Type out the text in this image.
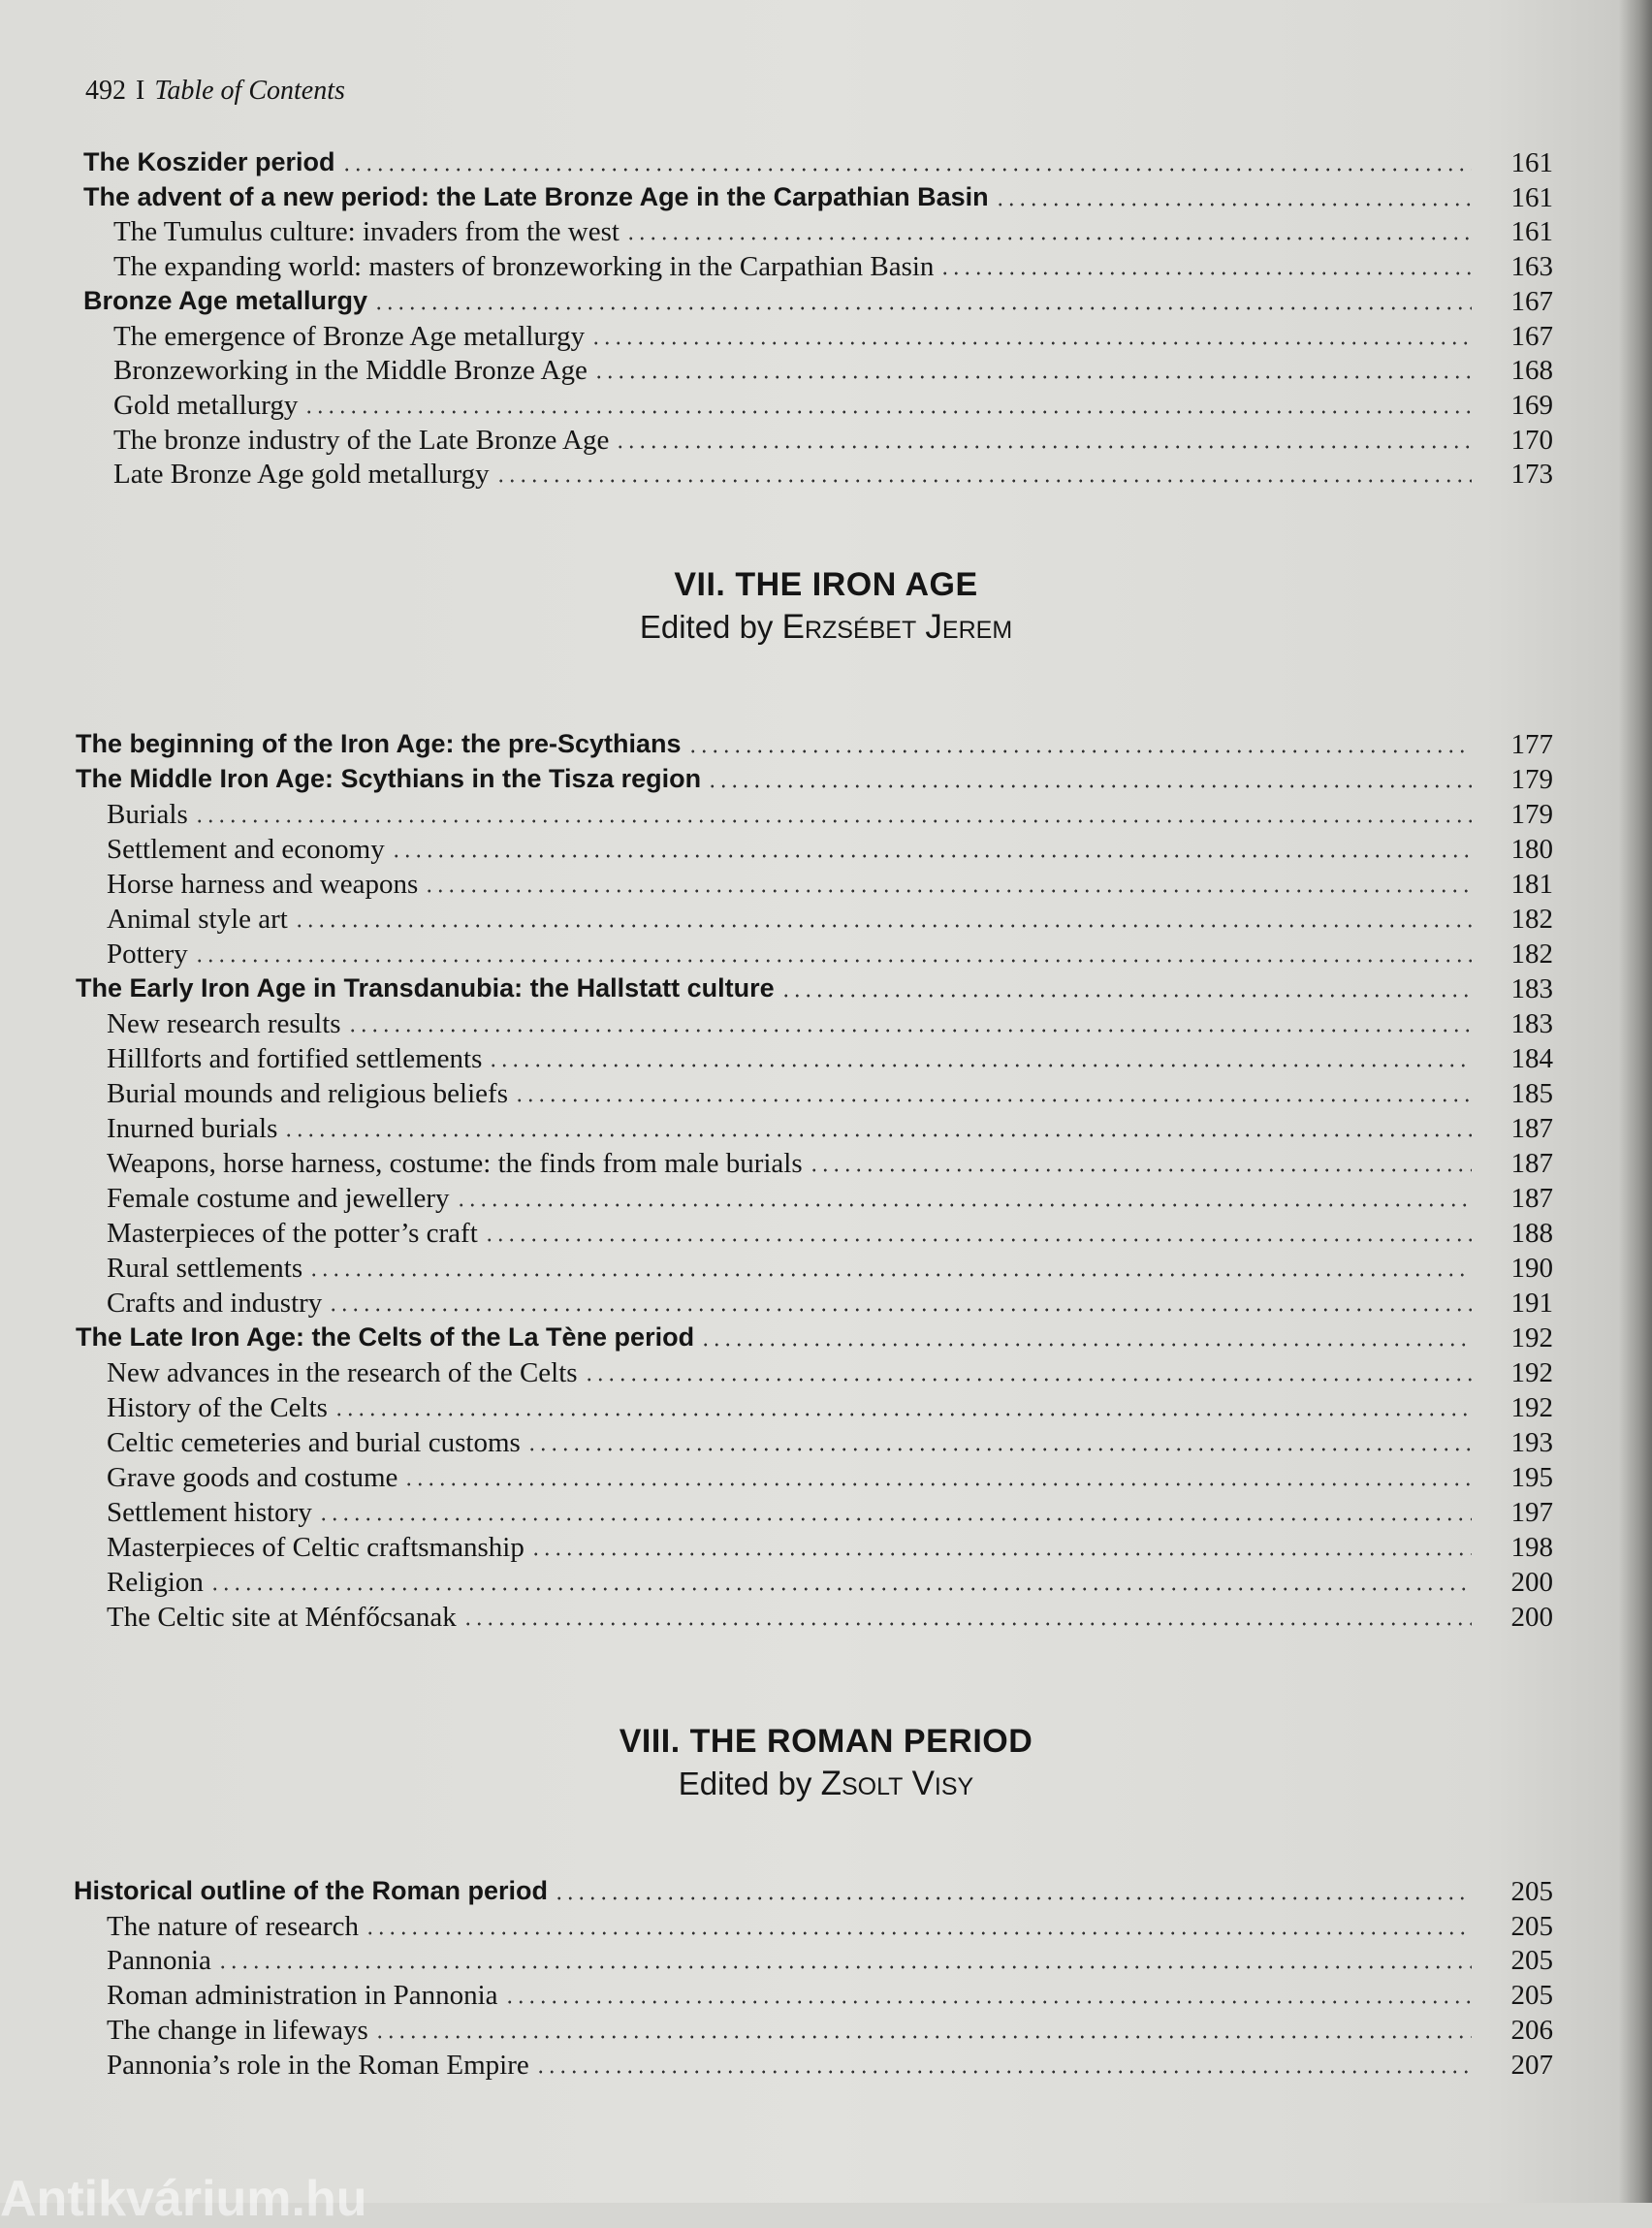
492 I Table of Contents
The Koszider period	161
The advent of a new period: the Late Bronze Age in the Carpathian Basin	161
The Tumulus culture: invaders from the west	161
The expanding world: masters of bronzeworking in the Carpathian Basin	163
Bronze Age metallurgy	167
The emergence of Bronze Age metallurgy	167
Bronzeworking in the Middle Bronze Age	168
Gold metallurgy	169
The bronze industry of the Late Bronze Age	170
Late Bronze Age gold metallurgy	173
VII. THE IRON AGE
Edited by Erzsébet Jerem
The beginning of the Iron Age: the pre-Scythians	177
The Middle Iron Age: Scythians in the Tisza region	179
Burials	179
Settlement and economy	180
Horse harness and weapons	181
Animal style art	182
Pottery	182
The Early Iron Age in Transdanubia: the Hallstatt culture	183
New research results	183
Hillforts and fortified settlements	184
Burial mounds and religious beliefs	185
Inurned burials	187
Weapons, horse harness, costume: the finds from male burials	187
Female costume and jewellery	187
Masterpieces of the potter’s craft	188
Rural settlements	190
Crafts and industry	191
The Late Iron Age: the Celts of the La Tène period	192
New advances in the research of the Celts	192
History of the Celts	192
Celtic cemeteries and burial customs	193
Grave goods and costume	195
Settlement history	197
Masterpieces of Celtic craftsmanship	198
Religion	200
The Celtic site at Ménfőcsanak	200
VIII. THE ROMAN PERIOD
Edited by Zsolt Visy
Historical outline of the Roman period	205
The nature of research	205
Pannonia	205
Roman administration in Pannonia	205
The change in lifeways	206
Pannonia’s role in the Roman Empire	207
Antikvárium.hu
